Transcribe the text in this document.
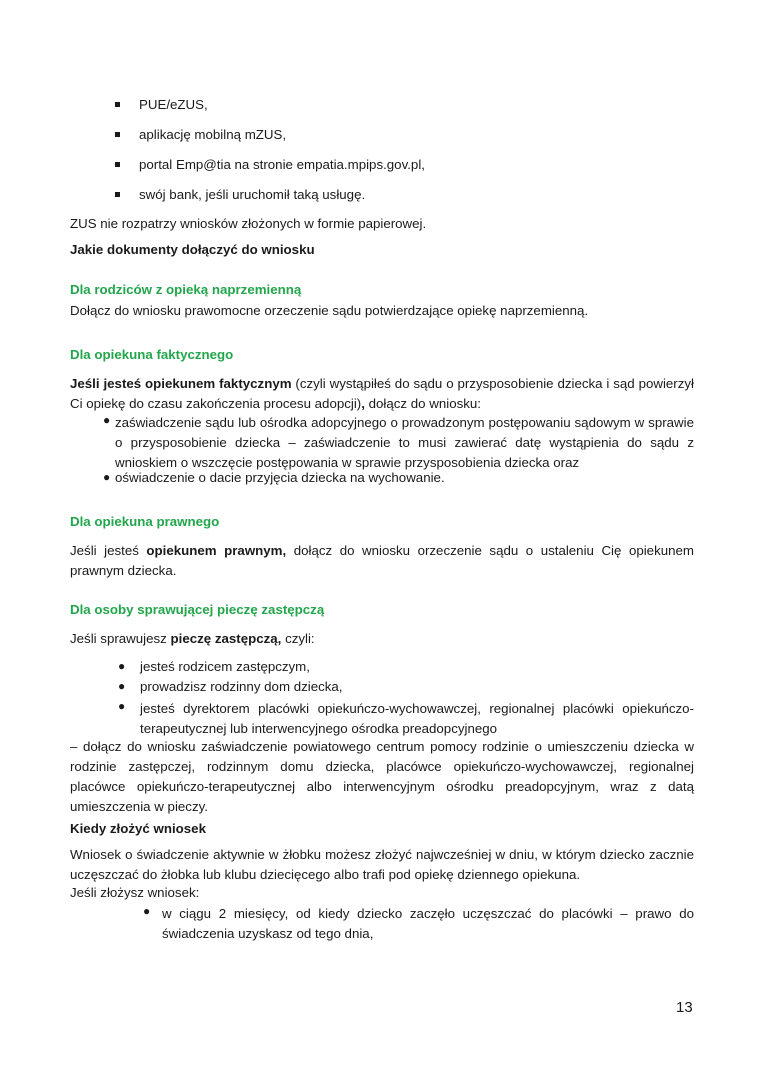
PUE/eZUS,
aplikację mobilną mZUS,
portal Emp@tia na stronie empatia.mpips.gov.pl,
swój bank, jeśli uruchomił taką usługę.
ZUS nie rozpatrzy wniosków złożonych w formie papierowej.
Jakie dokumenty dołączyć do wniosku
Dla rodziców z opieką naprzemienną
Dołącz do wniosku prawomocne orzeczenie sądu potwierdzające opiekę naprzemienną.
Dla opiekuna faktycznego
Jeśli jesteś opiekunem faktycznym (czyli wystąpiłeś do sądu o przysposobienie dziecka i sąd powierzył Ci opiekę do czasu zakończenia procesu adopcji), dołącz do wniosku:
● zaświadczenie sądu lub ośrodka adopcyjnego o prowadzonym postępowaniu sądowym w sprawie o przysposobienie dziecka – zaświadczenie to musi zawierać datę wystąpienia do sądu z wnioskiem o wszczęcie postępowania w sprawie przysposobienia dziecka oraz
● oświadczenie o dacie przyjęcia dziecka na wychowanie.
Dla opiekuna prawnego
Jeśli jesteś opiekunem prawnym, dołącz do wniosku orzeczenie sądu o ustaleniu Cię opiekunem prawnym dziecka.
Dla osoby sprawującej pieczę zastępczą
Jeśli sprawujesz pieczę zastępczą, czyli:
● jesteś rodzicem zastępczym,
● prowadzisz rodzinny dom dziecka,
● jesteś dyrektorem placówki opiekuńczo-wychowawczej, regionalnej placówki opiekuńczo-terapeutycznej lub interwencyjnego ośrodka preadopcyjnego
– dołącz do wniosku zaświadczenie powiatowego centrum pomocy rodzinie o umieszczeniu dziecka w rodzinie zastępczej, rodzinnym domu dziecka, placówce opiekuńczo-wychowawczej, regionalnej placówce opiekuńczo-terapeutycznej albo interwencyjnym ośrodku preadopcyjnym, wraz z datą umieszczenia w pieczy.
Kiedy złożyć wniosek
Wniosek o świadczenie aktywnie w żłobku możesz złożyć najwcześniej w dniu, w którym dziecko zacznie uczęszczać do żłobka lub klubu dziecięcego albo trafi pod opiekę dziennego opiekuna.
Jeśli złożysz wniosek:
● w ciągu 2 miesięcy, od kiedy dziecko zaczęło uczęszczać do placówki – prawo do świadczenia uzyskasz od tego dnia,
13
